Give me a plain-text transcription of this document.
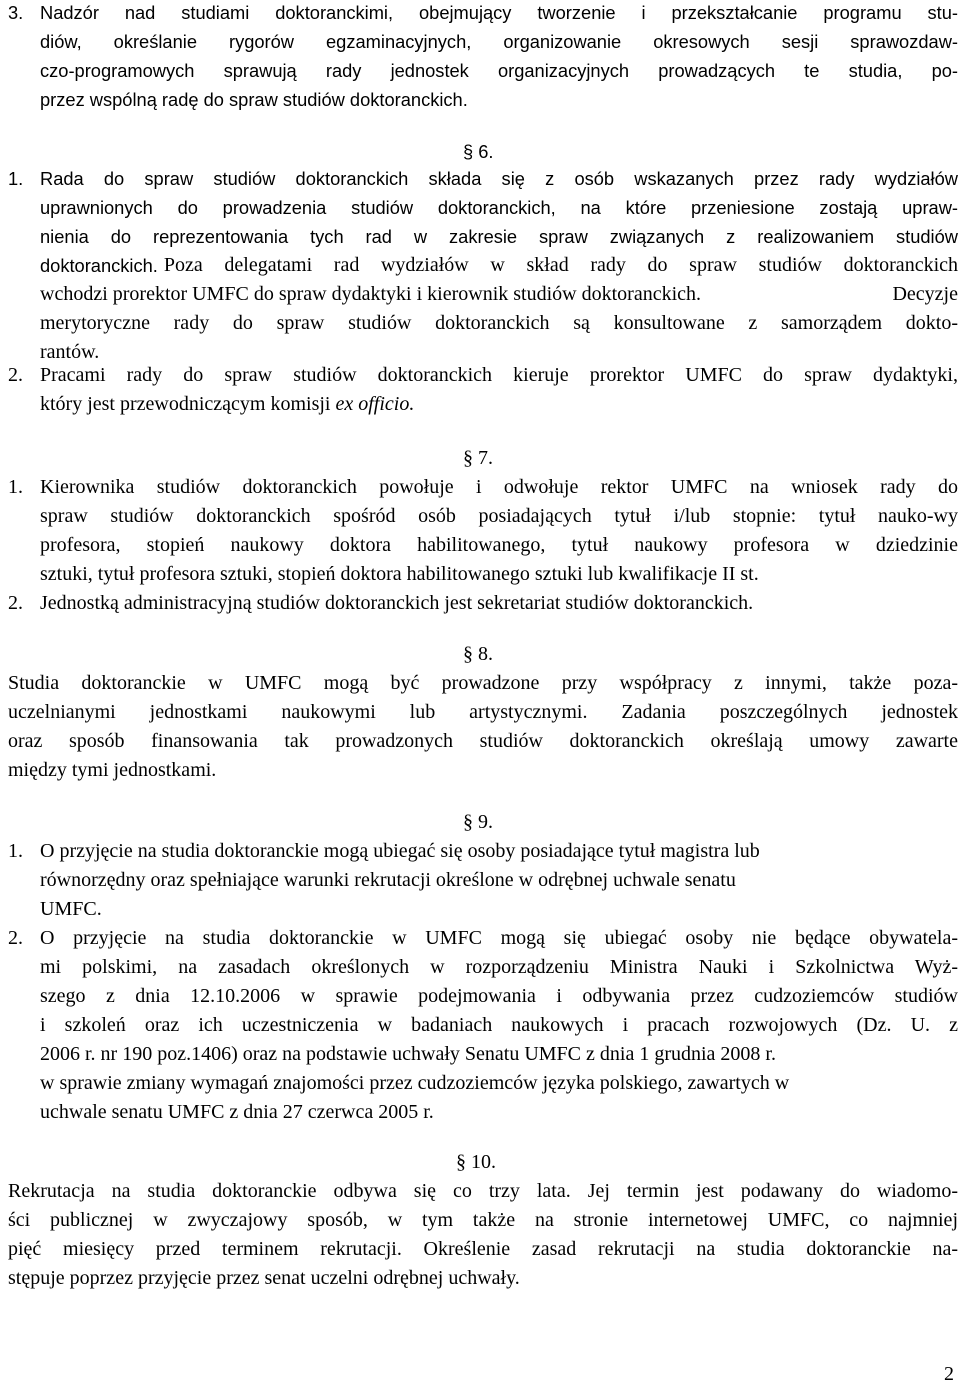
3. Nadzór nad studiami doktoranckimi, obejmujący tworzenie i przekształcanie programu stu-
diów, określanie rygorów egzaminacyjnych, organizowanie okresowych sesji sprawozdaw-
czo-programowych sprawują rady jednostek organizacyjnych prowadzących te studia, po-
przez wspólną radę do spraw studiów doktoranckich.
§ 6.
1. Rada do spraw studiów doktoranckich składa się z osób wskazanych przez rady wydziałów
uprawnionych do prowadzenia studiów doktoranckich, na które przeniesione zostają upraw-
nienia do reprezentowania tych rad w zakresie spraw związanych z realizowaniem studiów
doktoranckich. Poza delegatami rad wydziałów w skład rady do spraw studiów doktoranckich
wchodzi prorektor UMFC do spraw dydaktyki i kierownik studiów doktoranckich.	Decyzje
merytoryczne rady do spraw studiów doktoranckich są konsultowane z samorządem dokto-
rantów.
2. Pracami rady do spraw studiów doktoranckich kieruje prorektor UMFC do spraw dydaktyki,
który jest przewodniczącym komisji ex officio.
§ 7.
1. Kierownika studiów doktoranckich powołuje i odwołuje rektor UMFC na wniosek rady do
spraw studiów doktoranckich spośród osób posiadających tytuł i/lub stopnie: tytuł nauko-wy
profesora, stopień naukowy doktora habilitowanego, tytuł naukowy profesora w dziedzinie
sztuki, tytuł profesora sztuki, stopień doktora habilitowanego sztuki lub kwalifikacje II st.
2. Jednostką administracyjną studiów doktoranckich jest sekretariat studiów doktoranckich.
§ 8.
Studia doktoranckie w UMFC mogą być prowadzone przy współpracy z innymi, także poza-
uczelnianymi jednostkami naukowymi lub artystycznymi. Zadania poszczególnych jednostek
oraz sposób finansowania tak prowadzonych studiów doktoranckich określają umowy zawarte
między tymi jednostkami.
§ 9.
1. O przyjęcie na studia doktoranckie mogą ubiegać się osoby posiadające tytuł magistra lub
równorzędny oraz spełniające warunki rekrutacji określone w odrębnej uchwale senatu
UMFC.
2. O przyjęcie na studia doktoranckie w UMFC mogą się ubiegać osoby nie będące obywatela-
mi polskimi, na zasadach określonych w rozporządzeniu Ministra Nauki i Szkolnictwa Wyż-
szego z dnia 12.10.2006 w sprawie podejmowania i odbywania przez cudzoziemców studiów
i szkoleń oraz ich uczestniczenia w badaniach naukowych i pracach rozwojowych (Dz. U. z
2006 r. nr 190 poz.1406) oraz na podstawie uchwały Senatu UMFC z dnia 1 grudnia 2008 r.
w sprawie zmiany wymagań znajomości przez cudzoziemców języka polskiego, zawartych w
uchwale senatu UMFC z dnia 27 czerwca 2005 r.
§ 10.
Rekrutacja na studia doktoranckie odbywa się co trzy lata. Jej termin jest podawany do wiadomo-
ści publicznej w zwyczajowy sposób, w tym także na stronie internetowej UMFC, co najmniej
pięć miesięcy przed terminem rekrutacji. Określenie zasad rekrutacji na studia doktoranckie na-
stępuje poprzez przyjęcie przez senat uczelni odrębnej uchwały.
2
